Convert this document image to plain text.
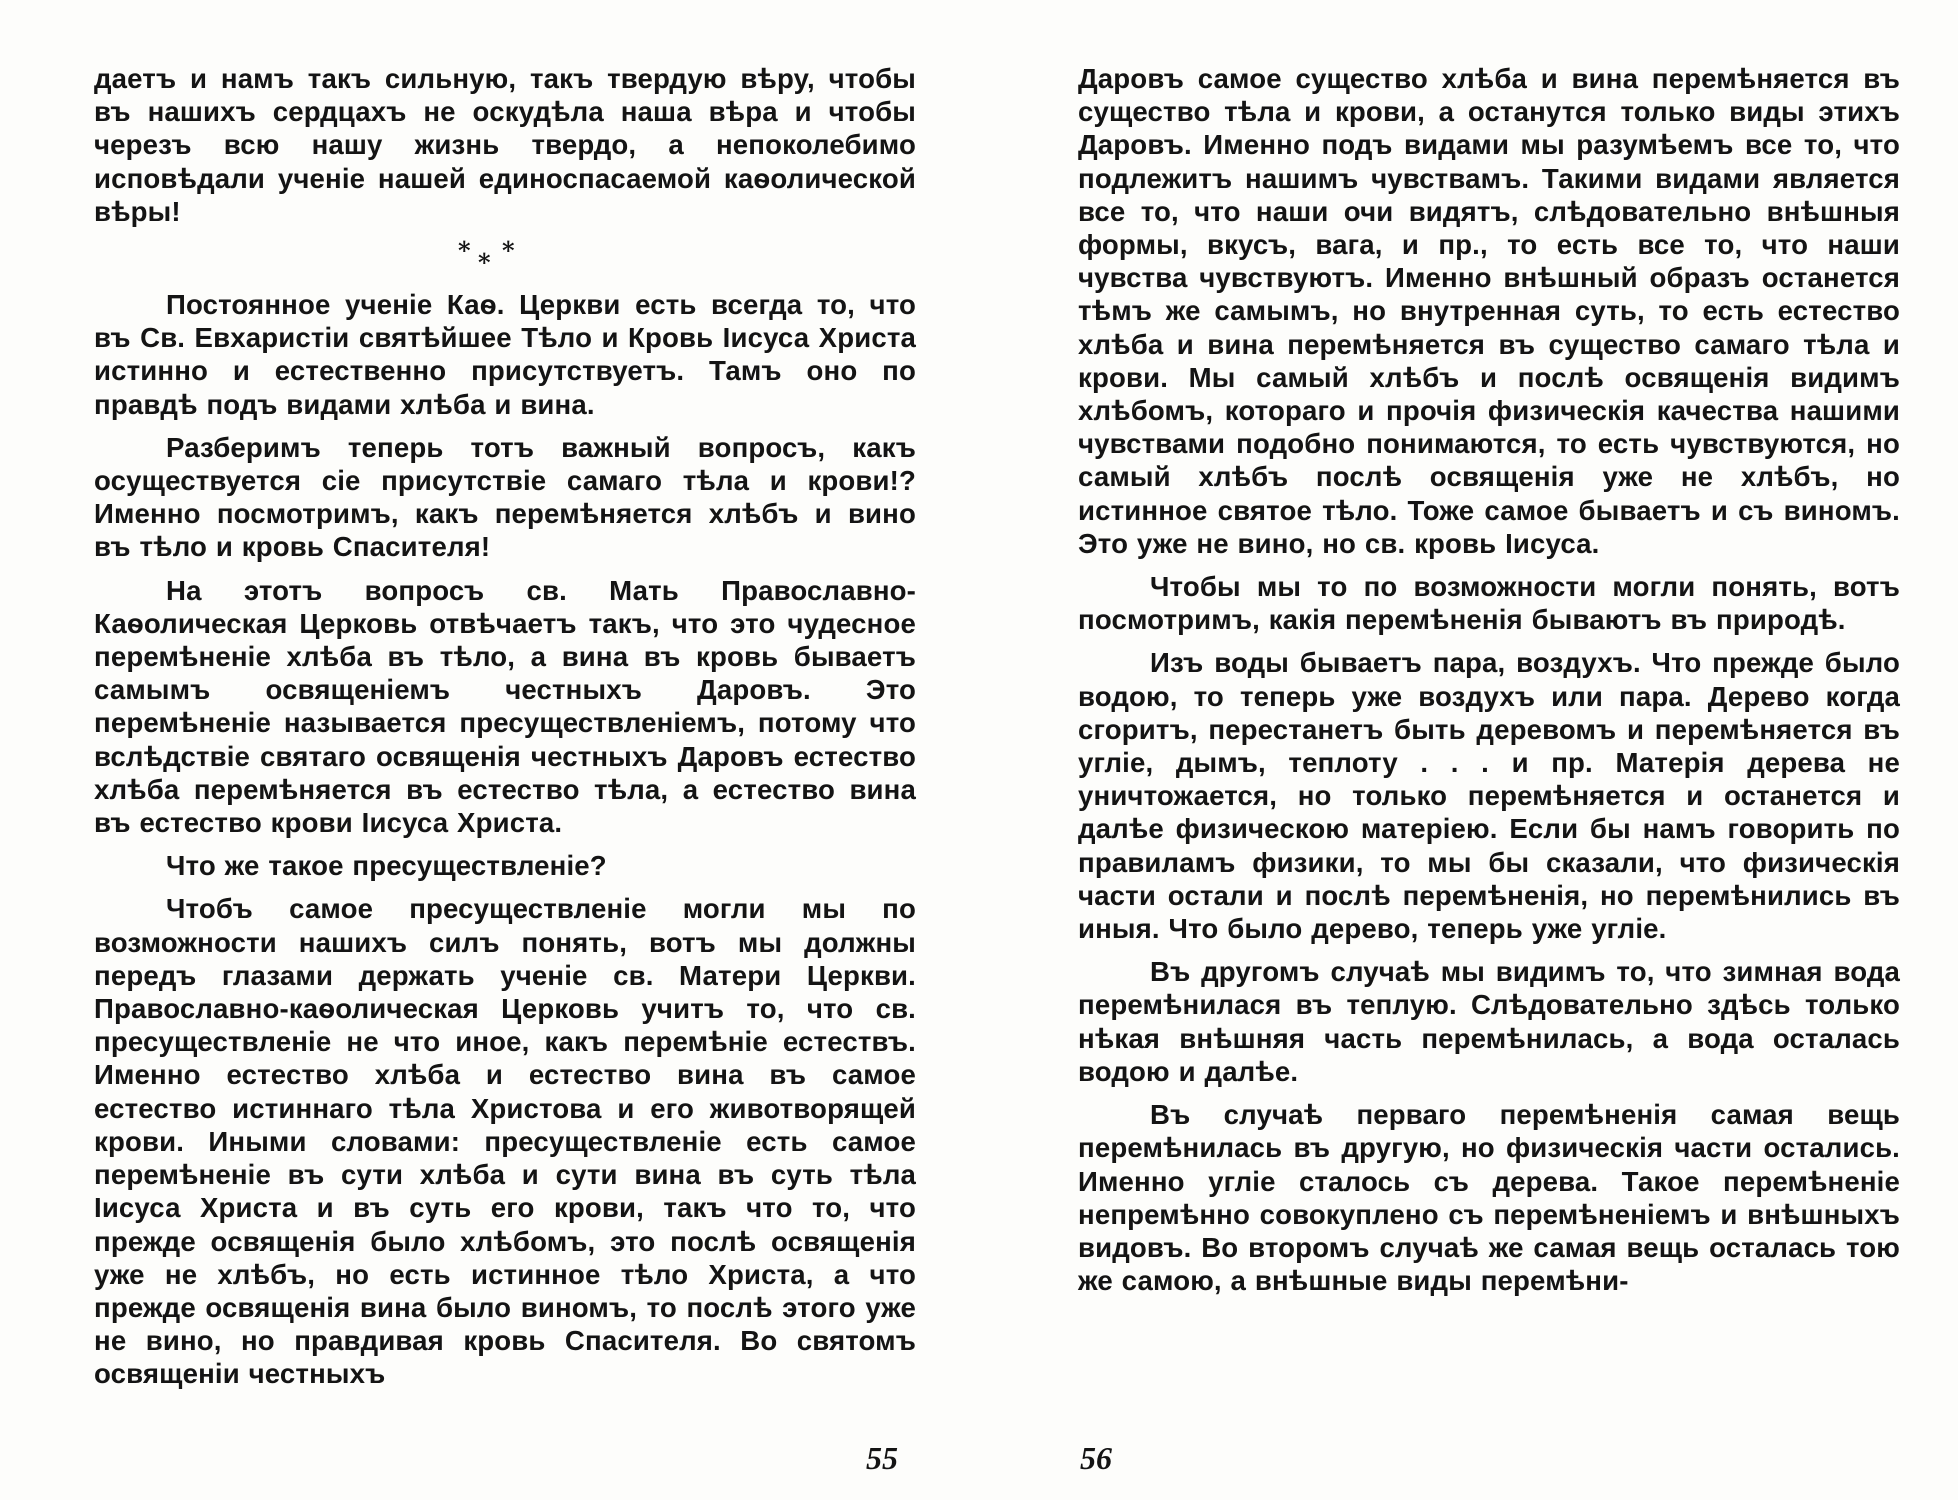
даетъ и намъ такъ сильную, такъ твердую вѣру, чтобы въ нашихъ сердцахъ не оскудѣла наша вѣра и чтобы черезъ всю нашу жизнь твердо, а непоколебимо исповѣдали ученіе нашей единоспасаемой каѳолической вѣры!

* * *

Постоянное ученіе Каѳ. Церкви есть всегда то, что въ Св. Евхаристіи святѣйшее Тѣло и Кровь Іисуса Христа истинно и естественно присутствуетъ. Тамъ оно по правдѣ подъ видами хлѣба и вина.

Разберимъ теперь тотъ важный вопросъ, какъ осуществуется сіе присутствіе самаго тѣла и крови!? Именно посмотримъ, какъ перемѣняется хлѣбъ и вино въ тѣло и кровь Спасителя!

На этотъ вопросъ св. Мать Православно-Каѳолическая Церковь отвѣчаетъ такъ, что это чудесное перемѣненіе хлѣба въ тѣло, а вина въ кровь бываетъ самымъ освященіемъ честныхъ Даровъ. Это перемѣненіе называется пресуществленіемъ, потому что вслѣдствіе святаго освященія честныхъ Даровъ естество хлѣба перемѣняется въ естество тѣла, а естество вина въ естество крови Іисуса Христа.

Что же такое пресуществленіе?

Чтобъ самое пресуществленіе могли мы по возможности нашихъ силъ понять, вотъ мы должны передъ глазами держать ученіе св. Матери Церкви. Православно-каѳолическая Церковь учитъ то, что св. пресуществленіе не что иное, какъ перемѣніе естествъ. Именно естество хлѣба и естество вина въ самое естество истиннаго тѣла Христова и его животворящей крови. Иными словами: пресуществленіе есть самое перемѣненіе въ сути хлѣба и сути вина въ суть тѣла Іисуса Христа и въ суть его крови, такъ что то, что прежде освященія было хлѣбомъ, это послѣ освященія уже не хлѣбъ, но есть истинное тѣло Христа, а что прежде освященія вина было виномъ, то послѣ этого уже не вино, но правдивая кровь Спасителя. Во святомъ освященіи честныхъ

Даровъ самое существо хлѣба и вина перемѣняется въ существо тѣла и крови, а останутся только виды этихъ Даровъ. Именно подъ видами мы разумѣемъ все то, что подлежитъ нашимъ чувствамъ. Такими видами является все то, что наши очи видятъ, слѣдовательно внѣшныя формы, вкусъ, вага, и пр., то есть все то, что наши чувства чувствуютъ. Именно внѣшный образъ останется тѣмъ же самымъ, но внутренная суть, то есть естество хлѣба и вина перемѣняется въ существо самаго тѣла и крови. Мы самый хлѣбъ и послѣ освященія видимъ хлѣбомъ, котораго и прочія физическія качества нашими чувствами подобно понимаются, то есть чувствуются, но самый хлѣбъ послѣ освященія уже не хлѣбъ, но истинное святое тѣло. Тоже самое бываетъ и съ виномъ. Это уже не вино, но св. кровь Іисуса.

Чтобы мы то по возможности могли понять, вотъ посмотримъ, какія перемѣненія бываютъ въ природѣ.

Изъ воды бываетъ пара, воздухъ. Что прежде было водою, то теперь уже воздухъ или пара. Дерево когда сгоритъ, перестанетъ быть деревомъ и перемѣняется въ угліе, дымъ, теплоту . . . и пр. Матерія дерева не уничтожается, но только перемѣняется и останется и далѣе физическою матеріею. Если бы намъ говорить по правиламъ физики, то мы бы сказали, что физическія части остали и послѣ перемѣненія, но перемѣнились въ иныя. Что было дерево, теперь уже угліе.

Въ другомъ случаѣ мы видимъ то, что зимная вода перемѣнилася въ теплую. Слѣдовательно здѣсь только нѣкая внѣшняя часть перемѣнилась, а вода осталась водою и далѣе.

Въ случаѣ перваго перемѣненія самая вещь перемѣнилась въ другую, но физическія части остались. Именно угліе сталось съ дерева. Такое перемѣненіе непремѣнно совокуплено съ перемѣненіемъ и внѣшныхъ видовъ. Во второмъ случаѣ же самая вещь осталась тою же самою, а внѣшные виды перемѣни-

55	56
